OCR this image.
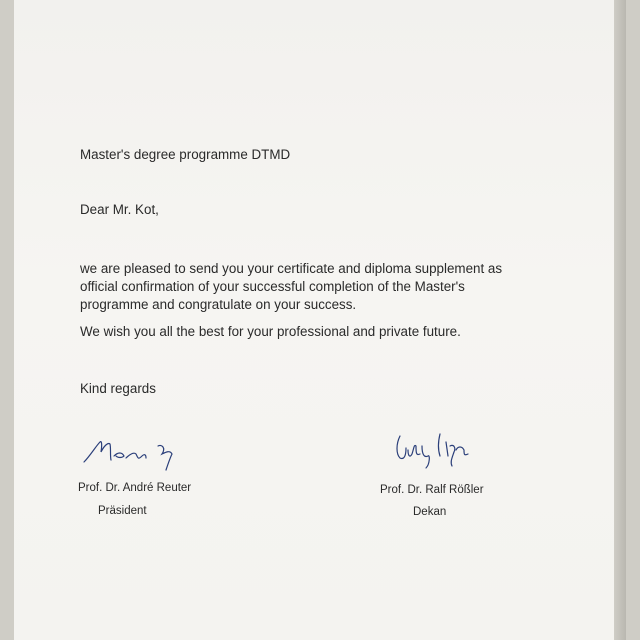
Master's degree programme DTMD
Dear Mr. Kot,
we are pleased to send you your certificate and diploma supplement as
official confirmation of your successful completion of the Master's
programme and congratulate on your success.
We wish you all the best for your professional and private future.
Kind regards
Prof. Dr. André Reuter
Präsident
Prof. Dr. Ralf Rößler
Dekan
